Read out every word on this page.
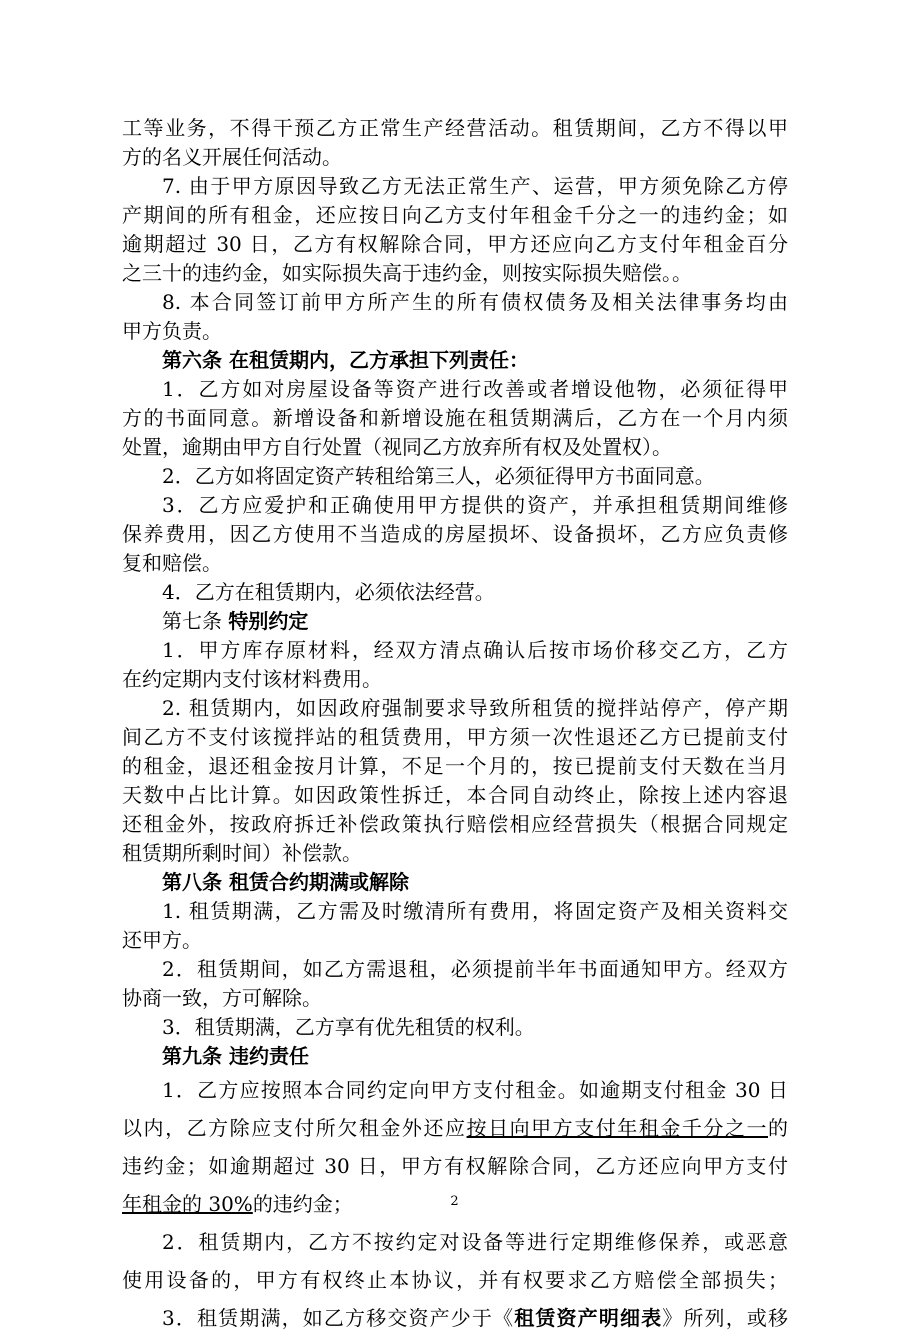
工等业务，不得干预乙方正常生产经营活动。租赁期间，乙方不得以甲
方的名义开展任何活动。
7. 由于甲方原因导致乙方无法正常生产、运营，甲方须免除乙方停
产期间的所有租金，还应按日向乙方支付年租金千分之一的违约金；如
逾期超过 30 日，乙方有权解除合同，甲方还应向乙方支付年租金百分
之三十的违约金，如实际损失高于违约金，则按实际损失赔偿。。
8. 本合同签订前甲方所产生的所有债权债务及相关法律事务均由
甲方负责。
第六条 在租赁期内，乙方承担下列责任：
1．乙方如对房屋设备等资产进行改善或者增设他物，必须征得甲
方的书面同意。新增设备和新增设施在租赁期满后，乙方在一个月内须
处置，逾期由甲方自行处置（视同乙方放弃所有权及处置权）。
2．乙方如将固定资产转租给第三人，必须征得甲方书面同意。
3．乙方应爱护和正确使用甲方提供的资产，并承担租赁期间维修
保养费用，因乙方使用不当造成的房屋损坏、设备损坏，乙方应负责修
复和赔偿。
4．乙方在租赁期内，必须依法经营。
第七条 特别约定
1．甲方库存原材料，经双方清点确认后按市场价移交乙方，乙方
在约定期内支付该材料费用。
2. 租赁期内，如因政府强制要求导致所租赁的搅拌站停产，停产期
间乙方不支付该搅拌站的租赁费用，甲方须一次性退还乙方已提前支付
的租金，退还租金按月计算，不足一个月的，按已提前支付天数在当月
天数中占比计算。如因政策性拆迁，本合同自动终止，除按上述内容退
还租金外，按政府拆迁补偿政策执行赔偿相应经营损失（根据合同规定
租赁期所剩时间）补偿款。
第八条 租赁合约期满或解除
1. 租赁期满，乙方需及时缴清所有费用，将固定资产及相关资料交
还甲方。
2．租赁期间，如乙方需退租，必须提前半年书面通知甲方。经双方
协商一致，方可解除。
3．租赁期满，乙方享有优先租赁的权利。
第九条 违约责任
1．乙方应按照本合同约定向甲方支付租金。如逾期支付租金 30 日
以内，乙方除应支付所欠租金外还应按日向甲方支付年租金千分之一的
违约金；如逾期超过 30 日，甲方有权解除合同，乙方还应向甲方支付
年租金的 30%的违约金；
2．租赁期内，乙方不按约定对设备等进行定期维修保养，或恶意
使用设备的，甲方有权终止本协议，并有权要求乙方赔偿全部损失；
3．租赁期满，如乙方移交资产少于《租赁资产明细表》所列，或移
2
